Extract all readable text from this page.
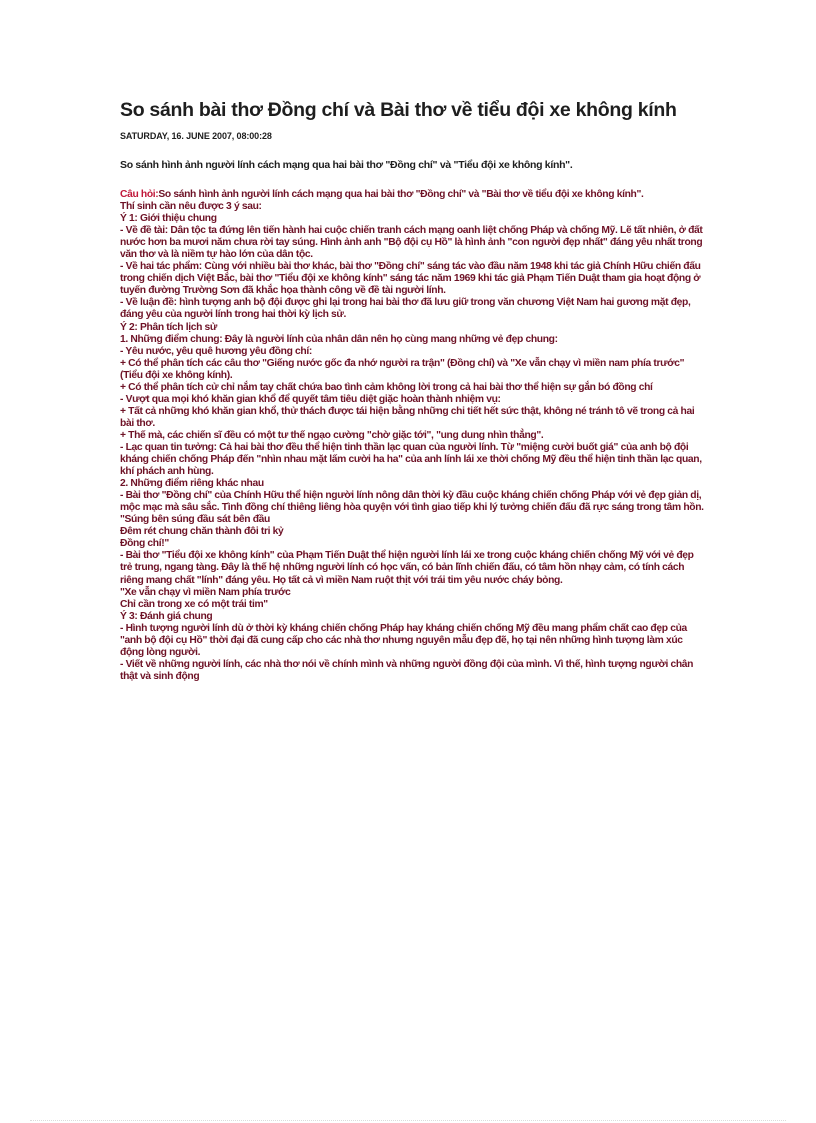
So sánh bài thơ Đồng chí và Bài thơ về tiểu đội xe không kính
SATURDAY, 16. JUNE 2007, 08:00:28
So sánh hình ảnh người lính cách mạng qua hai bài thơ "Đồng chí" và "Tiểu đội xe không kính".

Câu hỏi:So sánh hình ảnh người lính cách mạng qua hai bài thơ "Đồng chí" và "Bài thơ về tiểu đội xe không kính".

Thí sinh cần nêu được 3 ý sau:

Ý 1: Giới thiệu chung

- Về đề tài: Dân tộc ta đứng lên tiến hành hai cuộc chiến tranh cách mạng oanh liệt chống Pháp và chống Mỹ. Lẽ tất nhiên, ở đất nước hơn ba mươi năm chưa rời tay súng. Hình ảnh anh "Bộ đội cụ Hồ" là hình ảnh "con người đẹp nhất" đáng yêu nhất trong văn thơ và là niềm tự hào lớn của dân tộc.

- Về hai tác phẩm: Cùng với nhiều bài thơ khác, bài thơ "Đồng chí" sáng tác vào đầu năm 1948 khi tác giả Chính Hữu chiến đấu trong chiến dịch Việt Bắc, bài thơ "Tiểu đội xe không kính" sáng tác năm 1969 khi tác giả Phạm Tiến Duật tham gia hoạt động ở tuyến đường Trường Sơn đã khắc họa thành công về đề tài người lính.

- Về luận đề: hình tượng anh bộ đội được ghi lại trong hai bài thơ đã lưu giữ trong văn chương Việt Nam hai gương mặt đẹp, đáng yêu của người lính trong hai thời kỳ lịch sử.

Ý 2: Phân tích lịch sử

1. Những điểm chung: Đây là người lính của nhân dân nên họ cùng mang những vẻ đẹp chung:

- Yêu nước, yêu quê hương yêu đồng chí:

+ Có thể phân tích các câu thơ "Giếng nước gốc đa nhớ người ra trận" (Đồng chí) và "Xe vẫn chạy vì miền nam phía trước" (Tiểu đội xe không kính).

+ Có thể phân tích cử chỉ nắm tay chất chứa bao tình cảm không lời trong cả hai bài thơ thể hiện sự gắn bó đồng chí

- Vượt qua mọi khó khăn gian khổ để quyết tâm tiêu diệt giặc hoàn thành nhiệm vụ:

+ Tất cả những khó khăn gian khổ, thử thách được tái hiện bằng những chi tiết hết sức thật, không né tránh tô vẽ trong cả hai bài thơ.

+ Thế mà, các chiến sĩ đều có một tư thế ngạo cường "chờ giặc tới", "ung dung nhìn thẳng".

- Lạc quan tin tưởng: Cả hai bài thơ đều thể hiện tinh thần lạc quan của người lính. Từ "miệng cười buốt giá" của anh bộ đội kháng chiến chống Pháp đến "nhìn nhau mặt lấm cười ha ha" của anh lính lái xe thời chống Mỹ đều thể hiện tinh thần lạc quan, khí phách anh hùng.

2. Những điểm riêng khác nhau

- Bài thơ "Đồng chí" của Chính Hữu thể hiện người lính nông dân thời kỳ đầu cuộc kháng chiến chống Pháp với vẻ đẹp giản dị, mộc mạc mà sâu sắc. Tình đồng chí thiêng liêng hòa quyện với tình giao tiếp khi lý tưởng chiến đấu đã rực sáng trong tâm hồn.

"Súng bên súng đầu sát bên đầu

Đêm rét chung chăn thành đôi tri kỷ

Đồng chí!"

- Bài thơ "Tiểu đội xe không kính" của Phạm Tiến Duật thể hiện người lính lái xe trong cuộc kháng chiến chống Mỹ với vẻ đẹp trẻ trung, ngang tàng. Đây là thế hệ những người lính có học vấn, có bản lĩnh chiến đấu, có tâm hồn nhạy cảm, có tính cách riêng mang chất "lính" đáng yêu. Họ tất cả vì miền Nam ruột thịt với trái tim yêu nước cháy bỏng.

"Xe vẫn chạy vì miền Nam phía trước

Chỉ cần trong xe có một trái tim"

Ý 3: Đánh giá chung

- Hình tượng người lính dù ở thời kỳ kháng chiến chống Pháp hay kháng chiến chống Mỹ đều mang phẩm chất cao đẹp của "anh bộ đội cụ Hồ" thời đại đã cung cấp cho các nhà thơ nhưng nguyên mẫu đẹp đẽ, họ tại nên những hình tượng làm xúc động lòng người.

- Viết về những người lính, các nhà thơ nói về chính mình và những người đồng đội của mình. Vì thế, hình tượng người chân thật và sinh động
